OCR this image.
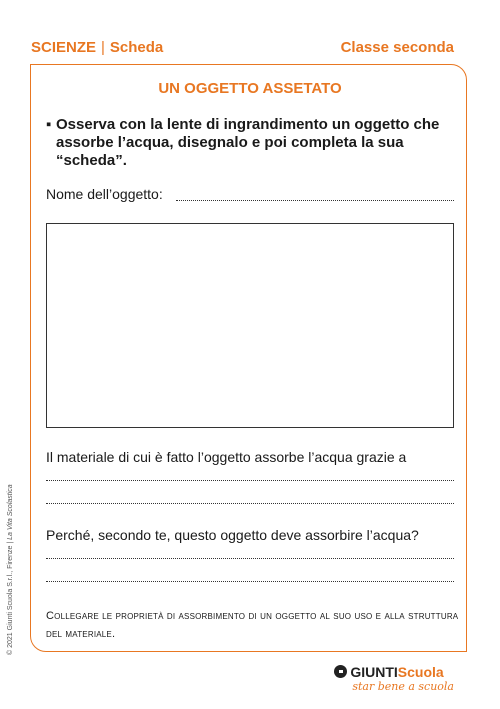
SCIENZE | Scheda	Classe seconda
UN OGGETTO ASSETATO
▪ Osserva con la lente di ingrandimento un oggetto che assorbe l’acqua, disegnalo e poi completa la sua “scheda”.
Nome dell’oggetto:
Il materiale di cui è fatto l’oggetto assorbe l’acqua grazie a
Perché, secondo te, questo oggetto deve assorbire l’acqua?
Collegare le proprietà di assorbimento di un oggetto al suo uso e alla struttura del materiale.
© 2021 Giunti Scuola S.r.l., Firenze | La Vita Scolastica
GIUNTIScuola
star bene a scuola
